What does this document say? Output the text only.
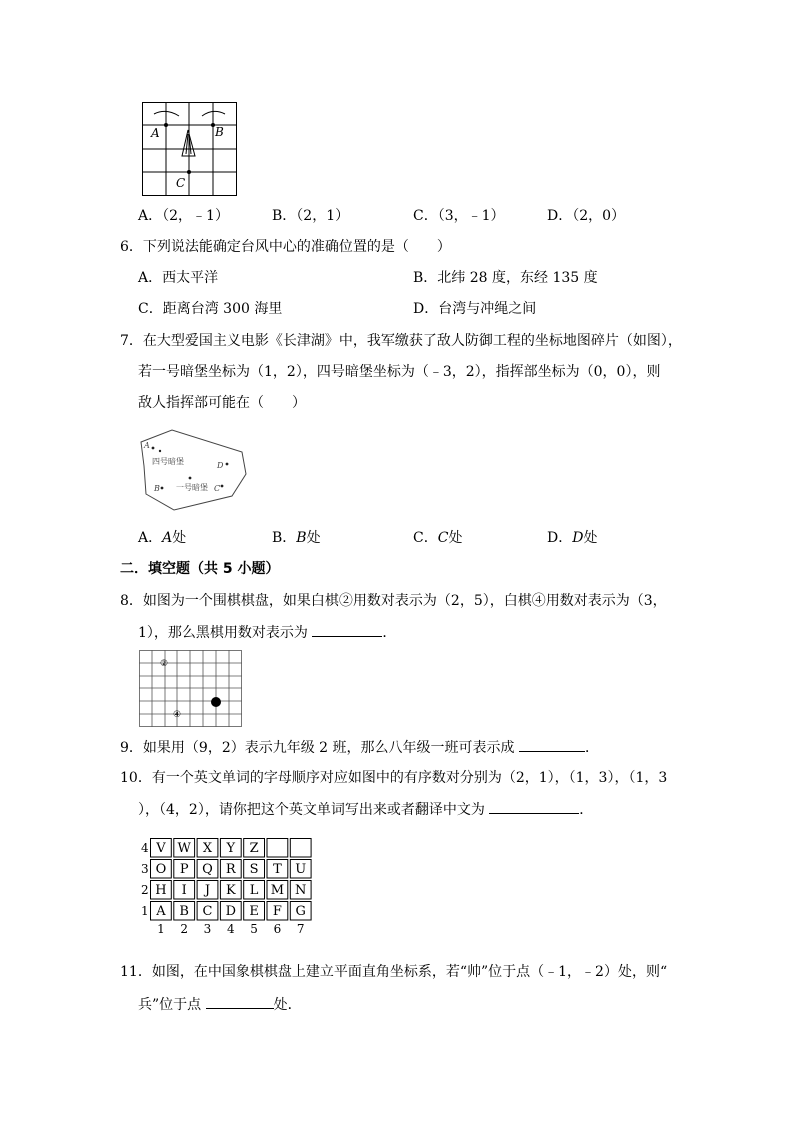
A	B
C
A．（2，﹣1）	B．（2，1）	C．（3，﹣1）	D．（2，0）
6．下列说法能确定台风中心的准确位置的是（　　）
A．西太平洋	B．北纬 28 度，东经 135 度
C．距离台湾 300 海里	D．台湾与冲绳之间
7．在大型爱国主义电影《长津湖》中，我军缴获了敌人防御工程的坐标地图碎片（如图），
若一号暗堡坐标为（1，2），四号暗堡坐标为（﹣3，2），指挥部坐标为（0，0），则
敌人指挥部可能在（　　）
A
D
B	C
四号暗堡
一号暗堡
A．A处	B．B处	C．C处	D．D处
二．填空题（共 5 小题）
8．如图为一个围棋棋盘，如果白棋②用数对表示为（2，5），白棋④用数对表示为（3，
1），那么黑棋用数对表示为	．
②
④
9．如果用（9，2）表示九年级 2 班，那么八年级一班可表示成	．
10．有一个英文单词的字母顺序对应如图中的有序数对分别为（2，1），（1，3），（1，3
），（4，2），请你把这个英文单词写出来或者翻译中文为	．
4 V W X Y Z
3 O P Q R S T U
2 H I J K L M N
1 A B C D E F G
1 2 3 4 5 6 7
11．如图，在中国象棋棋盘上建立平面直角坐标系，若“帅”位于点（﹣1，﹣2）处，则“
兵”位于点	处．
